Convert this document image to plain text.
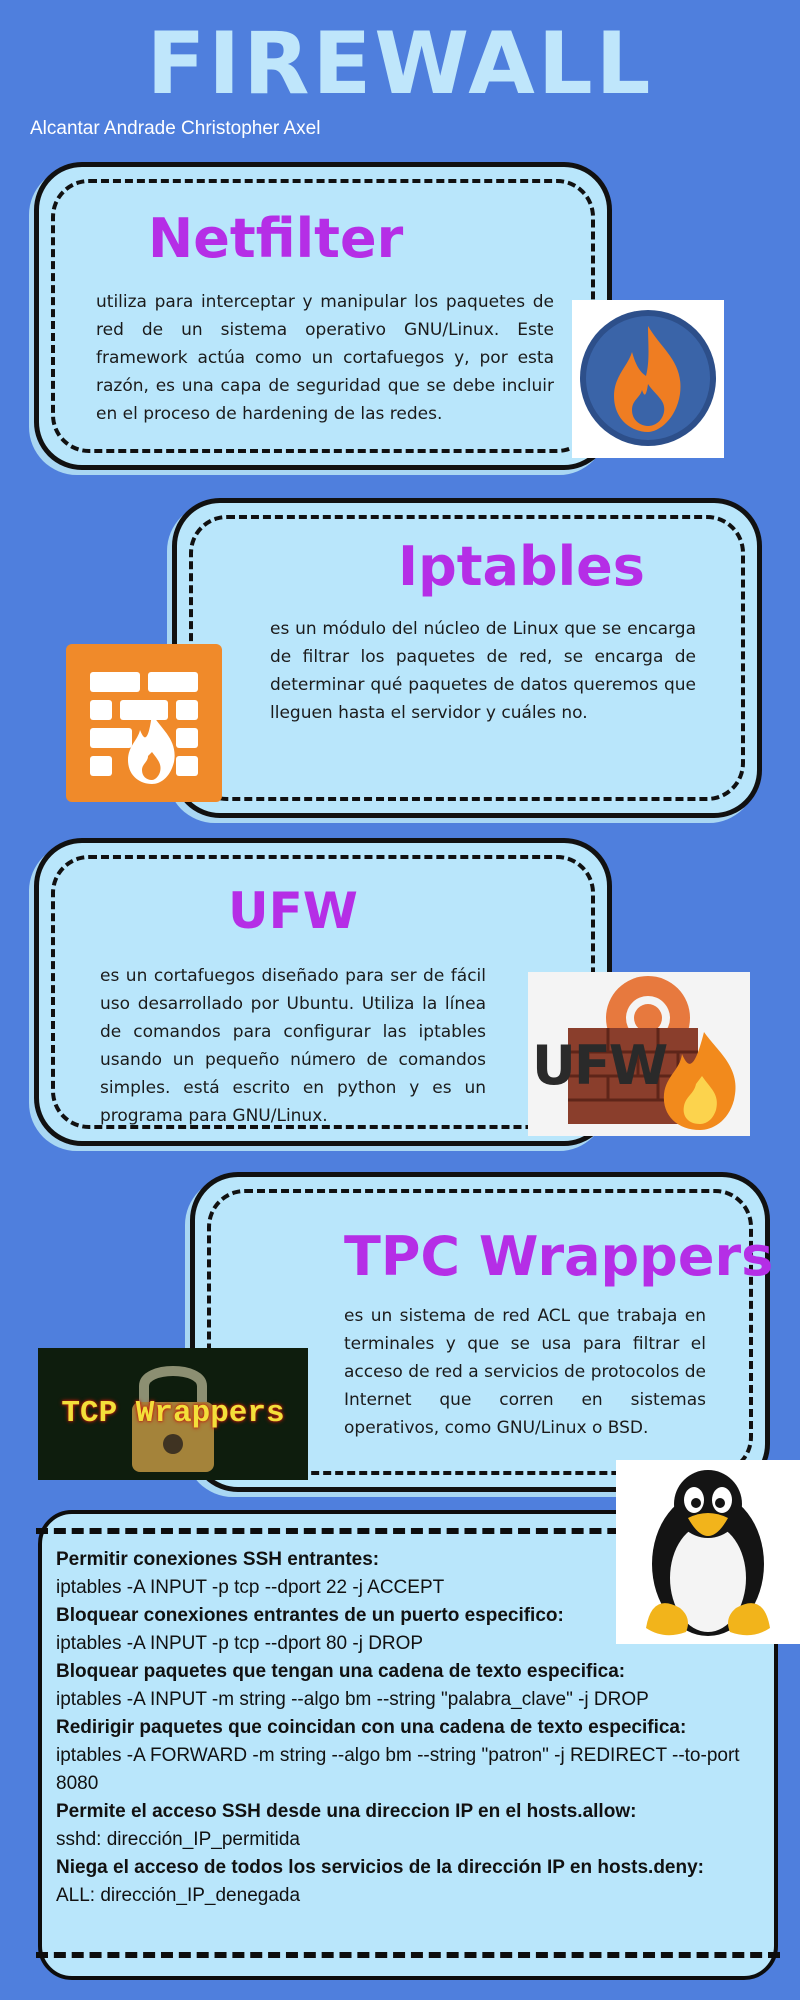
FIREWALL
Alcantar Andrade Christopher Axel
Netfilter

utiliza para interceptar y manipular los paquetes de red de un sistema operativo GNU/Linux. Este framework actúa como un cortafuegos y, por esta razón, es una capa de seguridad que se debe incluir en el proceso de hardening de las redes.

Iptables

es un módulo del núcleo de Linux que se encarga de filtrar los paquetes de red, se encarga de determinar qué paquetes de datos queremos que lleguen hasta el servidor y cuáles no.

UFW

es un cortafuegos diseñado para ser de fácil uso desarrollado por Ubuntu. Utiliza la línea de comandos para configurar las iptables usando un pequeño número de comandos simples. está escrito en python y es un programa para GNU/Linux.

UFW
TPC Wrappers

es un sistema de red ACL que trabaja en terminales y que se usa para filtrar el acceso de red a servicios de protocolos de Internet que corren en sistemas operativos, como GNU/Linux o BSD.

TCP Wrappers
Permitir conexiones SSH entrantes:
iptables -A INPUT -p tcp --dport 22 -j ACCEPT
Bloquear conexiones entrantes de un puerto especifico:
iptables -A INPUT -p tcp --dport 80 -j DROP
Bloquear paquetes que tengan una cadena de texto especifica:
iptables -A INPUT -m string --algo bm --string "palabra_clave" -j DROP
Redirigir paquetes que coincidan con una cadena de texto especifica:
iptables -A FORWARD -m string --algo bm --string "patron" -j REDIRECT --to-port 8080
Permite el acceso SSH desde una direccion IP en el hosts.allow:
sshd: dirección_IP_permitida
Niega el acceso de todos los servicios de la dirección IP en hosts.deny:
ALL: dirección_IP_denegada
